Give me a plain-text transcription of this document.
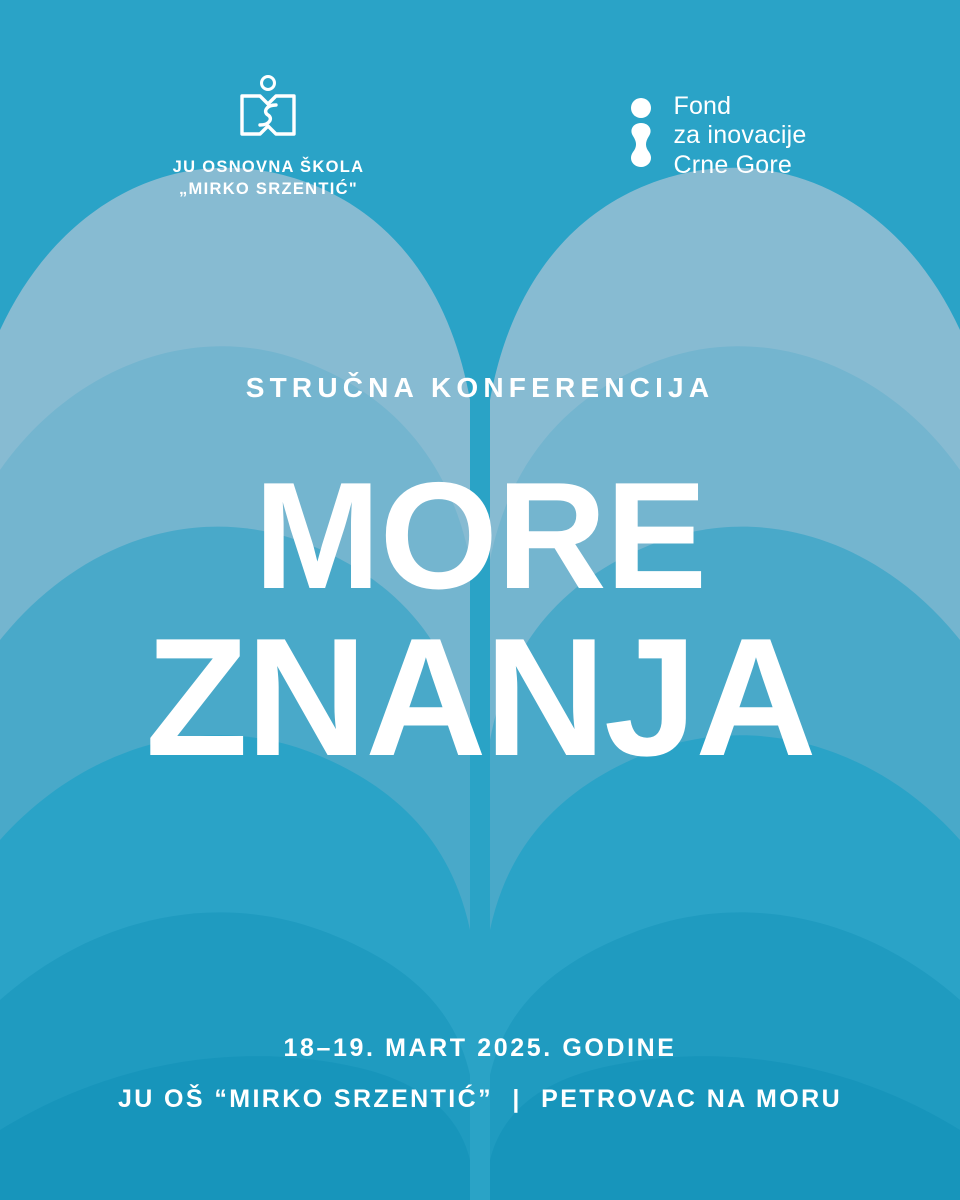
JU OSNOVNA ŠKOLA
„MIRKO SRZENTIĆ"
Fond
za inovacije
Crne Gore
STRUČNA KONFERENCIJA
MORE
ZNANJA
18–19. MART 2025. GODINE
JU OŠ “MIRKO SRZENTIĆ” | PETROVAC NA MORU
